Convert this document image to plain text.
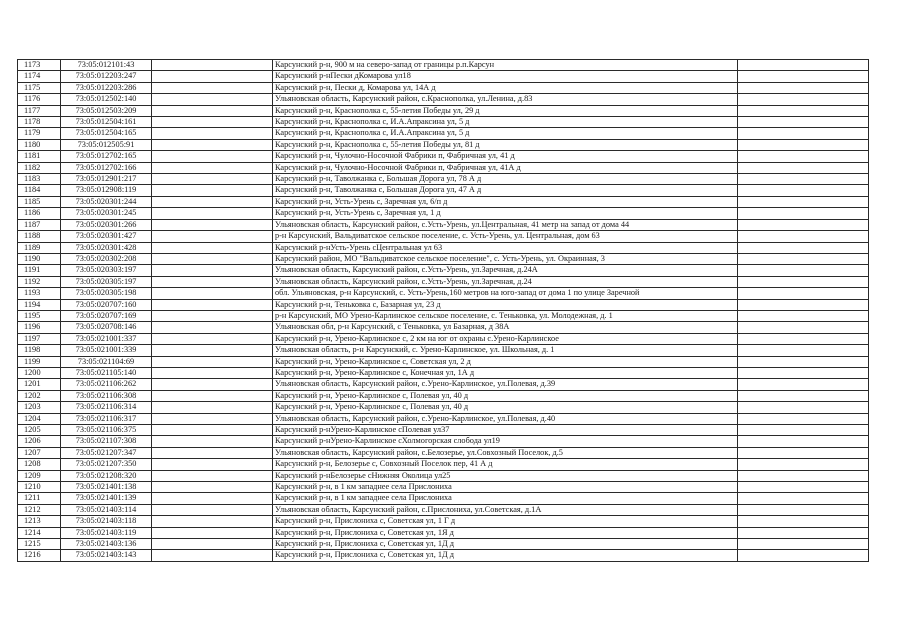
1173	73:05:012101:43		Карсунский р-н, 900 м на северо-запад от границы р.п.Карсун	
1174	73:05:012203:247		Карсунский р-нПески дКомарова ул18	
1175	73:05:012203:286		Карсунский р-н, Пески д, Комарова ул, 14А д	
1176	73:05:012502:140		Ульяновская область, Карсунский район, с.Краснополка, ул.Ленина, д.83	
1177	73:05:012503:209		Карсунский р-н, Краснополка с, 55-летия Победы ул, 29 д	
1178	73:05:012504:161		Карсунский р-н, Краснополка с, И.А.Апраксина ул, 5 д	
1179	73:05:012504:165		Карсунский р-н, Краснополка с, И.А.Апраксина ул, 5 д	
1180	73:05:012505:91		Карсунский р-н, Краснополка с, 55-летия Победы ул, 81 д	
1181	73:05:012702:165		Карсунский р-н, Чулочно-Носочной Фабрики п, Фабричная ул, 41 д	
1182	73:05:012702:166		Карсунский р-н, Чулочно-Носочной Фабрики п, Фабричная ул, 41А д	
1183	73:05:012901:217		Карсунский р-н, Таволжанка с, Большая Дорога ул, 78 А д	
1184	73:05:012908:119		Карсунский р-н, Таволжанка с, Большая Дорога ул, 47 А д	
1185	73:05:020301:244		Карсунский р-н, Усть-Урень с, Заречная ул, 6/п д	
1186	73:05:020301:245		Карсунский р-н, Усть-Урень с, Заречная ул, 1 д	
1187	73:05:020301:266		Ульяновская область, Карсунский район, с.Усть-Урень, ул.Центральная, 41 метр на запад от дома 44	
1188	73:05:020301:427		р-н Карсунский, Вальдиватское сельское поселение, с. Усть-Урень, ул. Центральная, дом 63	
1189	73:05:020301:428		Карсунский р-нУсть-Урень сЦентральная ул 63	
1190	73:05:020302:208		Карсунский район, МО "Вальдиватское сельское поселение", с. Усть-Урень, ул. Окраинная, 3	
1191	73:05:020303:197		Ульяновская область, Карсунский район, с.Усть-Урень, ул.Заречная, д.24А	
1192	73:05:020305:197		Ульяновская область, Карсунский район, с.Усть-Урень, ул.Заречная, д.24	
1193	73:05:020305:198		обл. Ульяновская, р-н Карсунский, с. Усть-Урень,160 метров на юго-запад от дома 1 по улице Заречной	
1194	73:05:020707:160		Карсунский р-н, Теньковка с, Базарная ул, 23 д	
1195	73:05:020707:169		р-н Карсунский, МО Урено-Карлинское сельское поселение, с. Теньковка, ул. Молодежная, д. 1	
1196	73:05:020708:146		Ульяновская обл, р-н Карсунский, с Теньковка, ул Базарная, д 38А	
1197	73:05:021001:337		Карсунский р-н, Урено-Карлинское с, 2 км на юг от охраны с.Урено-Карлинское	
1198	73:05:021001:339		Ульяновская область, р-н Карсунский, с. Урено-Карлинское, ул. Школьная, д. 1	
1199	73:05:021104:69		Карсунский р-н, Урено-Карлинское с, Советская ул, 2 д	
1200	73:05:021105:140		Карсунский р-н, Урено-Карлинское с, Конечная ул, 1А д	
1201	73:05:021106:262		Ульяновская область, Карсунский район, с.Урено-Карлинское, ул.Полевая, д.39	
1202	73:05:021106:308		Карсунский р-н, Урено-Карлинское с, Полевая ул, 40 д	
1203	73:05:021106:314		Карсунский р-н, Урено-Карлинское с, Полевая ул, 40 д	
1204	73:05:021106:317		Ульяновская область, Карсунский район, с.Урено-Карлинское, ул.Полевая, д.40	
1205	73:05:021106:375		Карсунский р-нУрено-Карлинское сПолевая ул37	
1206	73:05:021107:308		Карсунский р-нУрено-Карлинское сХолмогорская слобода ул19	
1207	73:05:021207:347		Ульяновская область, Карсунский район, с.Белозерье, ул.Совхозный Поселок, д.5	
1208	73:05:021207:350		Карсунский р-н, Белозерье с, Совхозный Поселок пер, 41 А д	
1209	73:05:021208:320		Карсунский р-нБелозерье сНижняя Околица ул25	
1210	73:05:021401:138		Карсунский р-н, в 1 км западнее села Прислониха	
1211	73:05:021401:139		Карсунский р-н, в 1 км западнее села Прислониха	
1212	73:05:021403:114		Ульяновская область, Карсунский район, с.Прислониха, ул.Советская, д.1А	
1213	73:05:021403:118		Карсунский р-н, Прислониха с, Советская ул, 1 Г д	
1214	73:05:021403:119		Карсунский р-н, Прислониха с, Советская ул, 1Я д	
1215	73:05:021403:136		Карсунский р-н, Прислониха с, Советская ул, 1Д д	
1216	73:05:021403:143		Карсунский р-н, Прислониха с, Советская ул, 1Д д	
